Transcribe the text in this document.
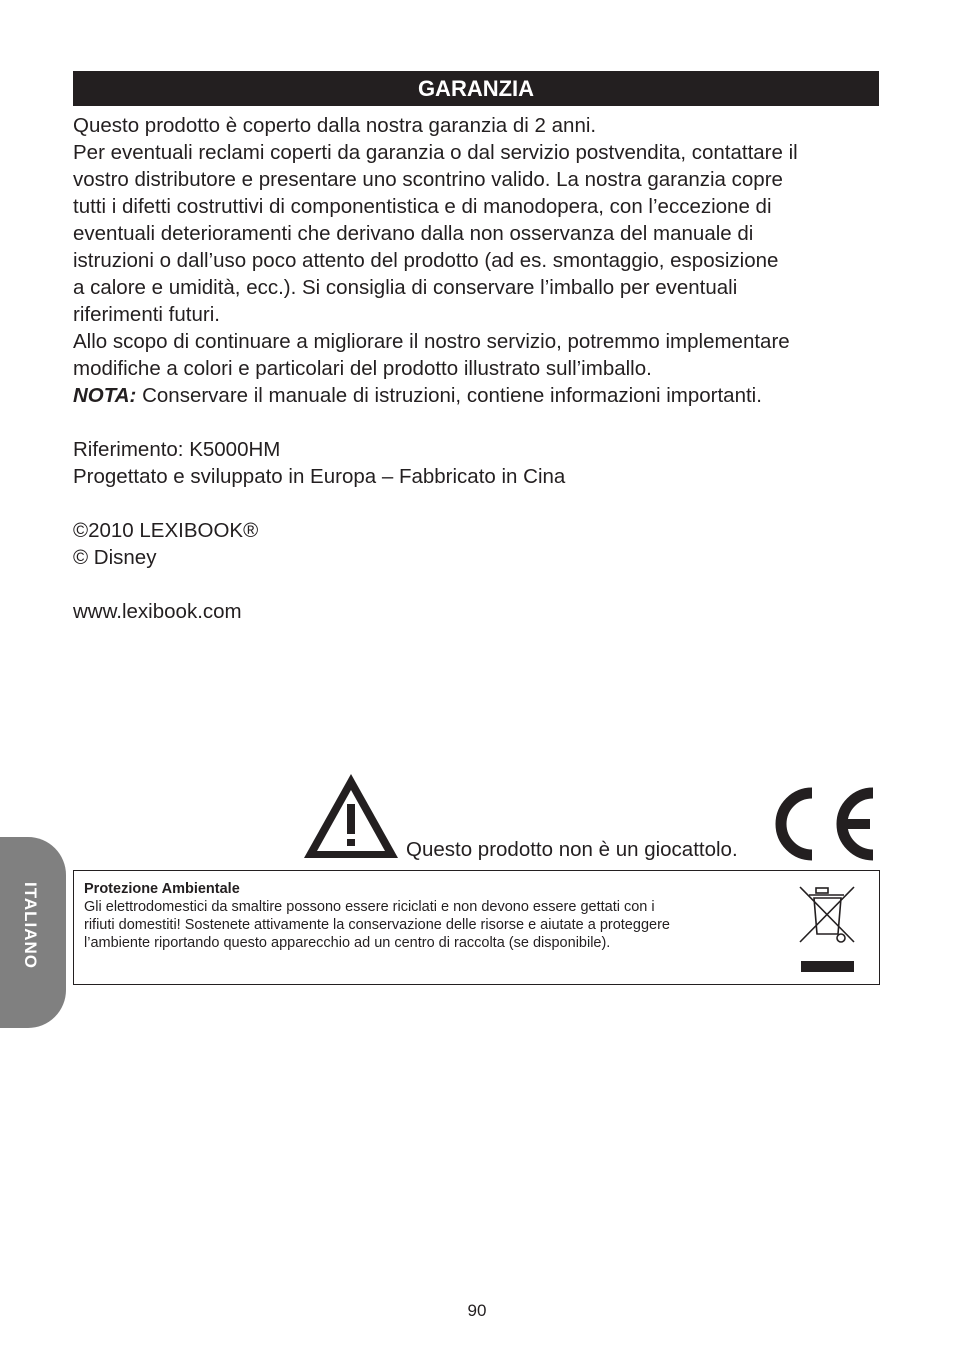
GARANZIA

Questo prodotto è coperto dalla nostra garanzia di 2 anni.

Per eventuali reclami coperti da garanzia o dal servizio postvendita, contattare il

vostro distributore e presentare uno scontrino valido. La nostra garanzia copre

tutti i difetti costruttivi di componentistica e di manodopera, con l’eccezione di

eventuali deterioramenti che derivano dalla non osservanza del manuale di

istruzioni o dall’uso poco attento del prodotto (ad es. smontaggio, esposizione

a calore e umidità, ecc.). Si consiglia di conservare l’imballo per eventuali

riferimenti futuri.

Allo scopo di continuare a migliorare il nostro servizio, potremmo implementare

modifiche a colori e particolari del prodotto illustrato sull’imballo.

NOTA: Conservare il manuale di istruzioni, contiene informazioni importanti.

Riferimento: K5000HM

Progettato e sviluppato in Europa – Fabbricato in Cina

©2010 LEXIBOOK®

© Disney

www.lexibook.com

ITALIANO
Questo prodotto non è un giocattolo.
Protezione Ambientale
Gli elettrodomestici da smaltire possono essere riciclati e non devono essere gettati con i
rifiuti domestiti! Sostenete attivamente la conservazione delle risorse e aiutate a proteggere
l’ambiente riportando questo apparecchio ad un centro di raccolta (se disponibile).
90
